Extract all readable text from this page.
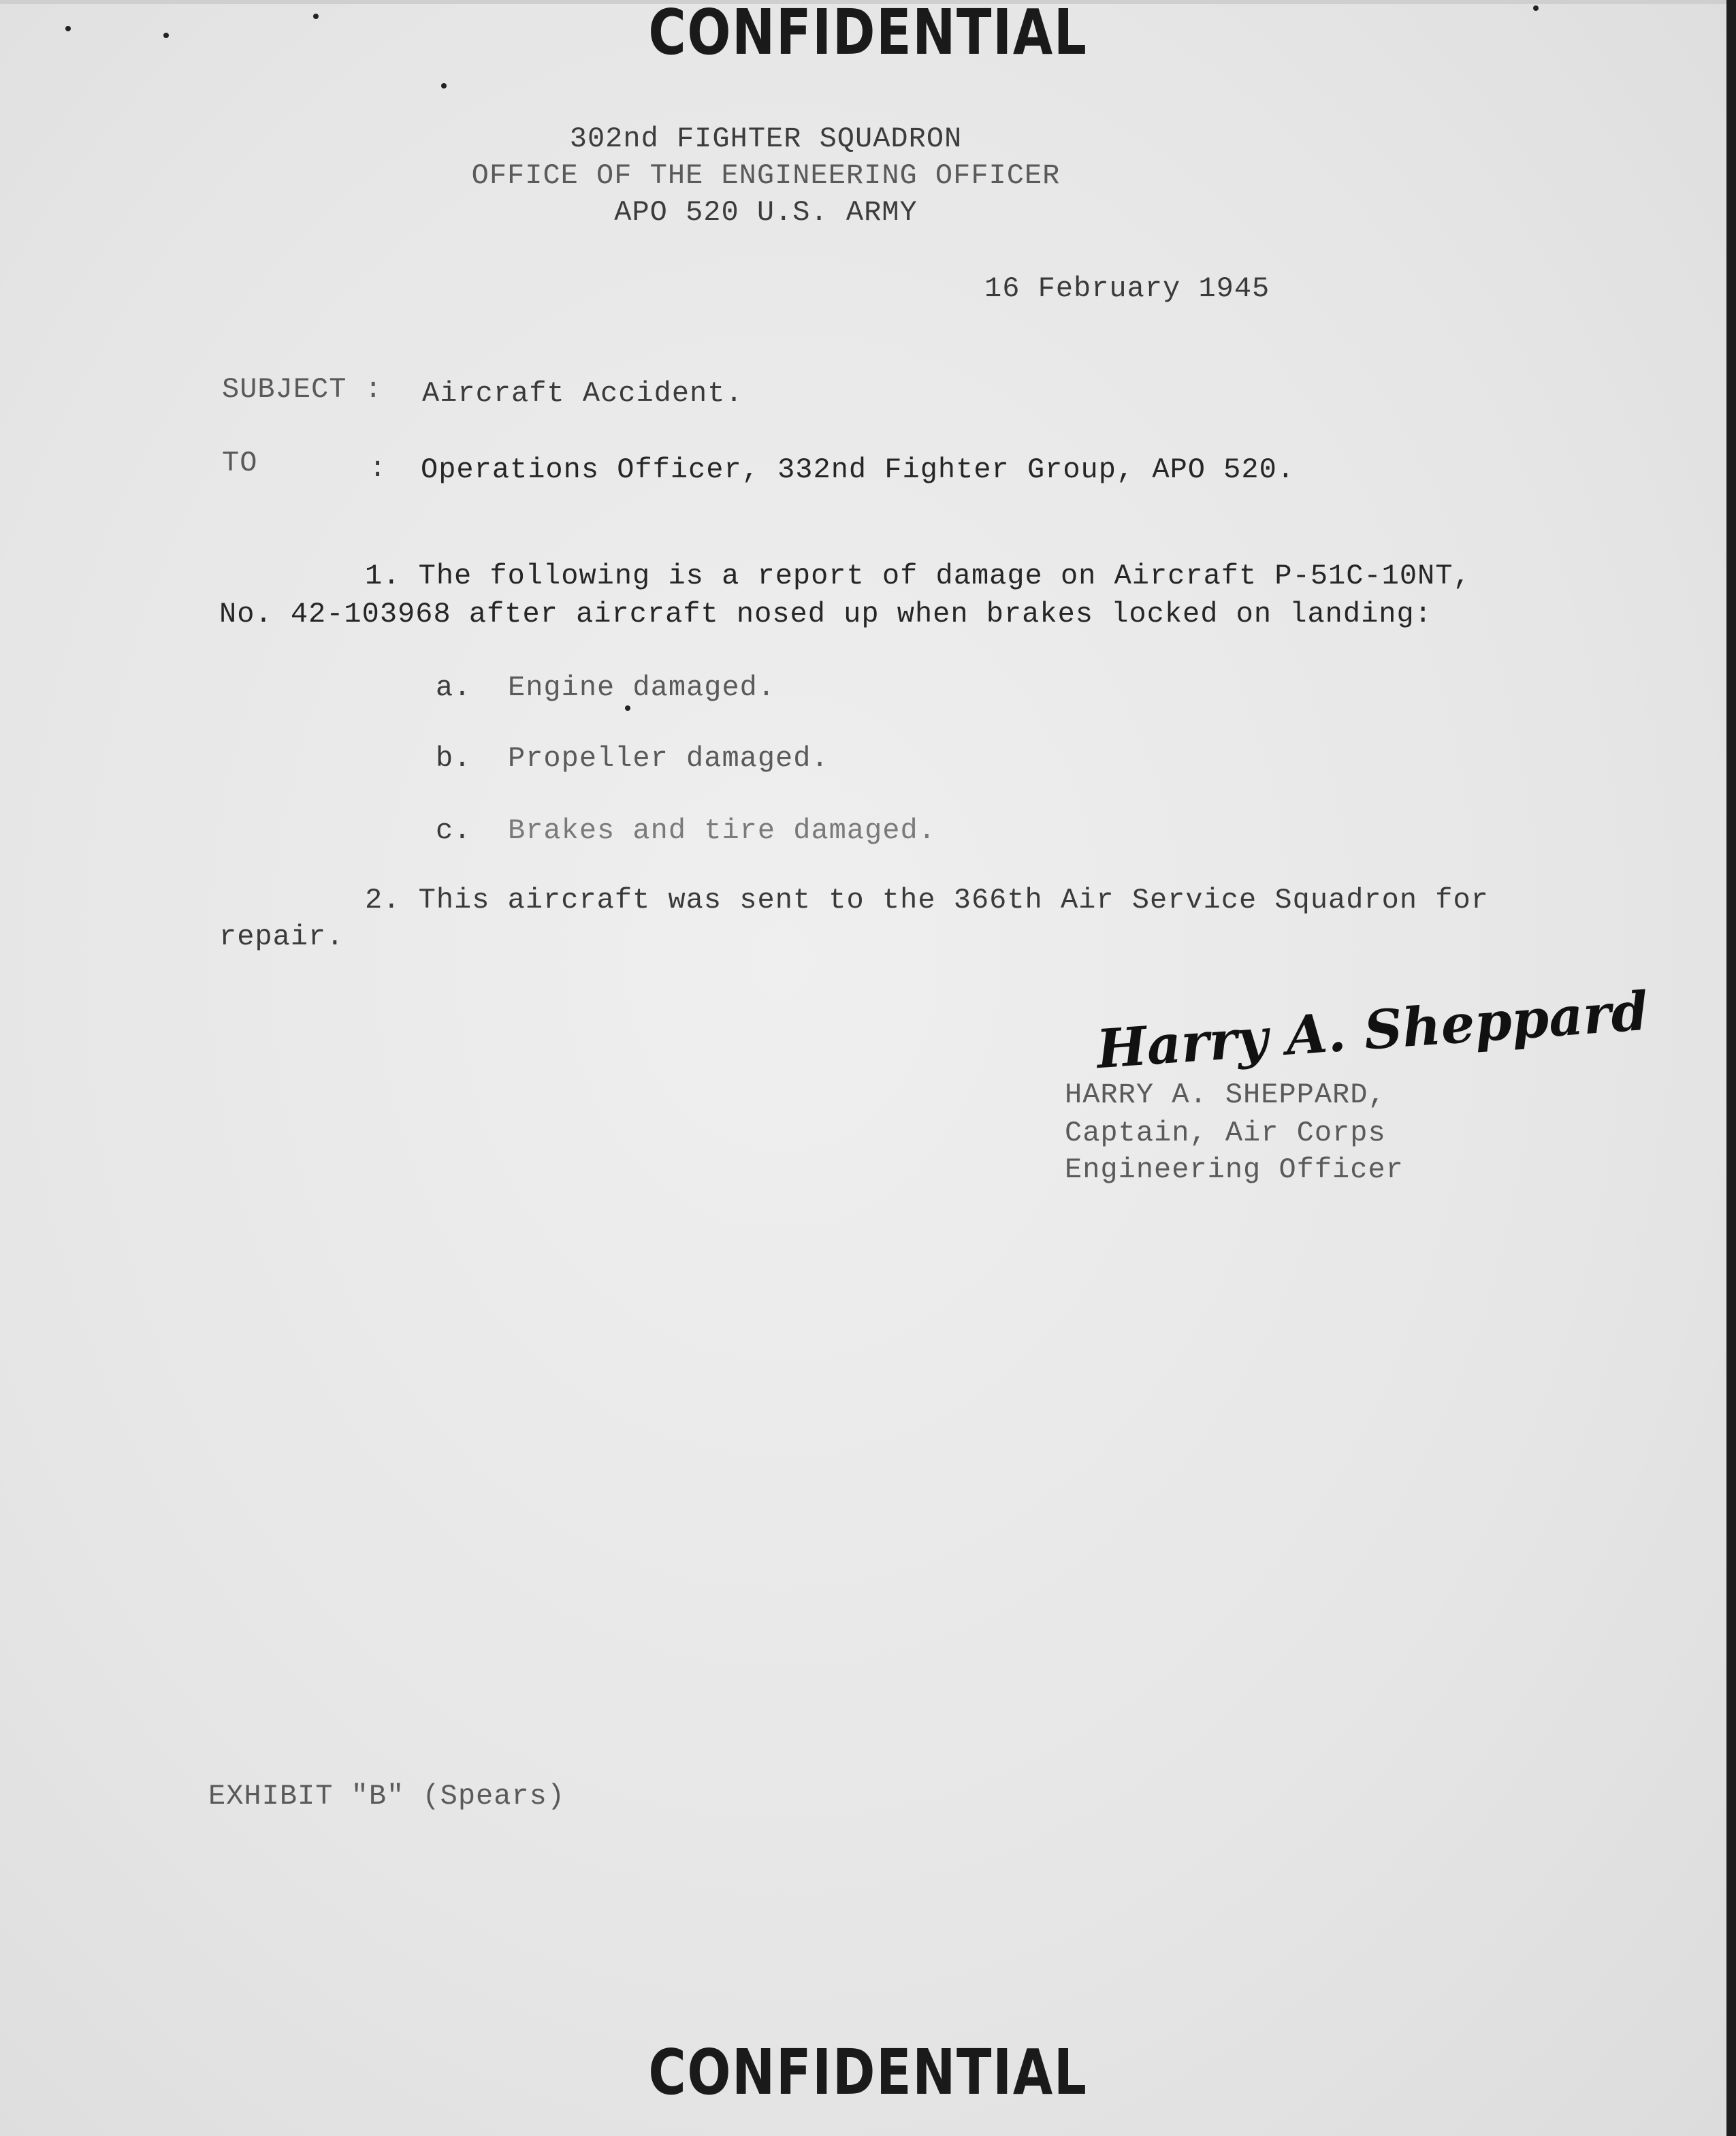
CONFIDENTIAL
302nd FIGHTER SQUADRON
OFFICE OF THE ENGINEERING OFFICER
APO 520 U.S. ARMY
16 February 1945
SUBJECT : Aircraft Accident.
TO	: Operations Officer, 332nd Fighter Group, APO 520.
1. The following is a report of damage on Aircraft P-51C-10NT,
No. 42-103968 after aircraft nosed up when brakes locked on landing:
a. Engine damaged.
b. Propeller damaged.
c. Brakes and tire damaged.
2. This aircraft was sent to the 366th Air Service Squadron for
repair.
Harry A. Sheppard
HARRY A. SHEPPARD,
Captain, Air Corps
Engineering Officer
EXHIBIT "B" (Spears)
CONFIDENTIAL
